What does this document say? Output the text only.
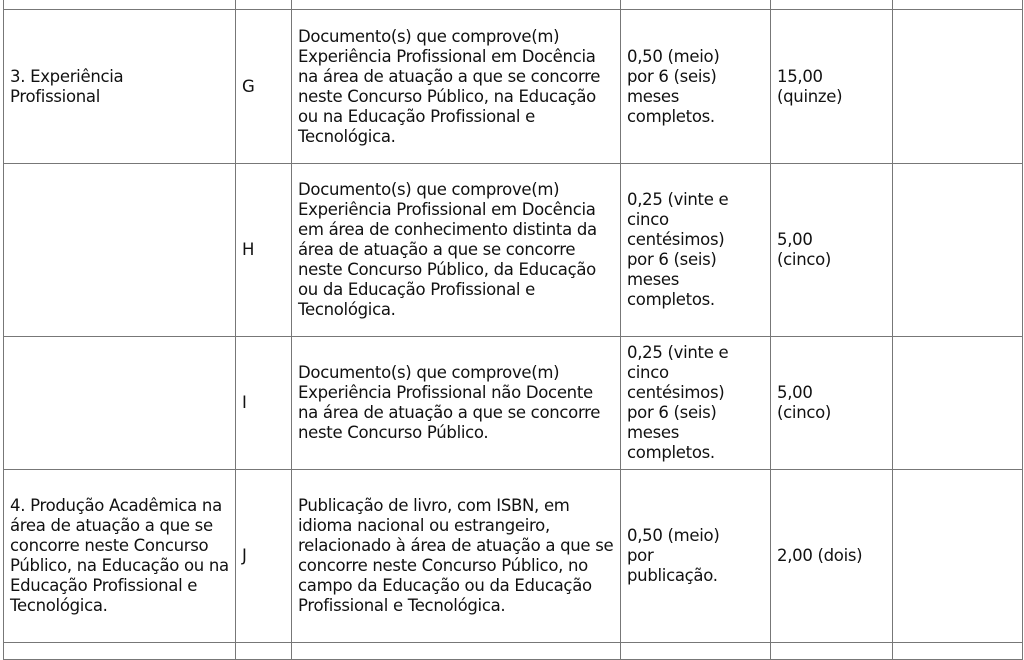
3. Experiência Profissional	G	Documento(s) que comprove(m) Experiência Profissional em Docência na área de atuação a que se concorre neste Concurso Público, na Educação ou na Educação Profissional e Tecnológica.	0,50 (meio) por 6 (seis) meses completos.	15,00 (quinze)	

	H	Documento(s) que comprove(m) Experiência Profissional em Docência em área de conhecimento distinta da área de atuação a que se concorre neste Concurso Público, da Educação ou da Educação Profissional e Tecnológica.	0,25 (vinte e cinco centésimos) por 6 (seis) meses completos.	5,00 (cinco)	

	I	Documento(s) que comprove(m) Experiência Profissional não Docente na área de atuação a que se concorre neste Concurso Público.	0,25 (vinte e cinco centésimos) por 6 (seis) meses completos.	5,00 (cinco)	

4. Produção Acadêmica na área de atuação a que se concorre neste Concurso Público, na Educação ou na Educação Profissional e Tecnológica.	J	Publicação de livro, com ISBN, em idioma nacional ou estrangeiro, relacionado à área de atuação a que se concorre neste Concurso Público, no campo da Educação ou da Educação Profissional e Tecnológica.	0,50 (meio) por publicação.	2,00 (dois)	
